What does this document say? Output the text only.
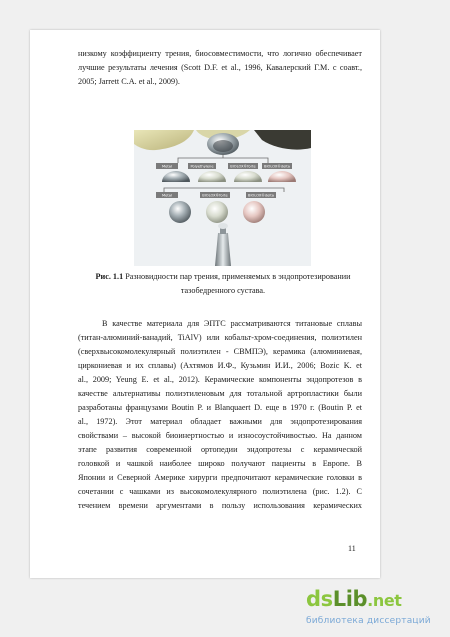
низкому коэффициенту трения, биосовместимости, что логично обеспечивает
лучшие результаты лечения (Scott D.F. et al., 1996, Кавалерский Г.М. с соавт.,
2005; Jarrett C.A. et al., 2009).
Metal	Polyethylene	BIOLOX®forte BIOLOX®delta
Metal	BIOLOX®forte	BIOLOX®delta
Рис. 1.1 Разновидности пар трения, применяемых в эндопротезировании
тазобедренного сустава.
В качестве материала для ЭПТС рассматриваются титановые сплавы
(титан-алюминий-ванадий, TiAlV) или кобальт-хром-соединения, полиэтилен
(сверхвысокомолекулярный полиэтилен - СВМПЭ), керамика (алюминиевая,
циркониевая и их сплавы) (Ахтямов И.Ф., Кузьмин И.И., 2006; Bozic K. et
al., 2009; Yeung E. et al., 2012). Керамические компоненты эндопротезов в
качестве альтернативы полиэтиленовым для тотальной артропластики были
разработаны французами Boutin P. и Blanquaert D. еще в 1970 г. (Boutin P. et
al., 1972). Этот материал обладает важными для эндопротезирования
свойствами – высокой биоинертностью и износоустойчивостью. На данном
этапе развития современной ортопедии эндопротезы с керамической
головкой и чашкой наиболее широко получают пациенты в Европе. В
Японии и Северной Америке хирурги предпочитают керамические головки в
сочетании с чашками из высокомолекулярного полиэтилена (рис. 1.2). С
течением времени аргументами в пользу использования керамических
11
dsLib.net
библиотека диссертаций
